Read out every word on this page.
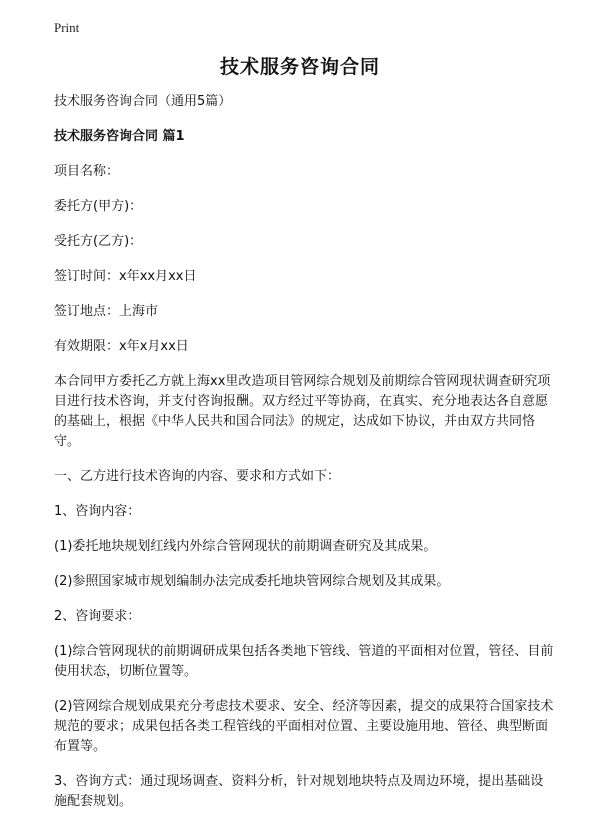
Print
技术服务咨询合同

技术服务咨询合同（通用5篇）

技术服务咨询合同 篇1

项目名称：

委托方(甲方)：

受托方(乙方)：

签订时间：x年xx月xx日

签订地点：上海市

有效期限：x年x月xx日

本合同甲方委托乙方就上海xx里改造项目管网综合规划及前期综合管网现状调查研究项目进行技术咨询，并支付咨询报酬。双方经过平等协商，在真实、充分地表达各自意愿的基础上，根据《中华人民共和国合同法》的规定，达成如下协议，并由双方共同恪守。

一、乙方进行技术咨询的内容、要求和方式如下：

1、咨询内容：

(1)委托地块规划红线内外综合管网现状的前期调查研究及其成果。

(2)参照国家城市规划编制办法完成委托地块管网综合规划及其成果。

2、咨询要求：

(1)综合管网现状的前期调研成果包括各类地下管线、管道的平面相对位置，管径、目前使用状态，切断位置等。

(2)管网综合规划成果充分考虑技术要求、安全、经济等因素，提交的成果符合国家技术规范的要求；成果包括各类工程管线的平面相对位置、主要设施用地、管径、典型断面布置等。

3、咨询方式：通过现场调查、资料分析，针对规划地块特点及周边环境，提出基础设施配套规划。
